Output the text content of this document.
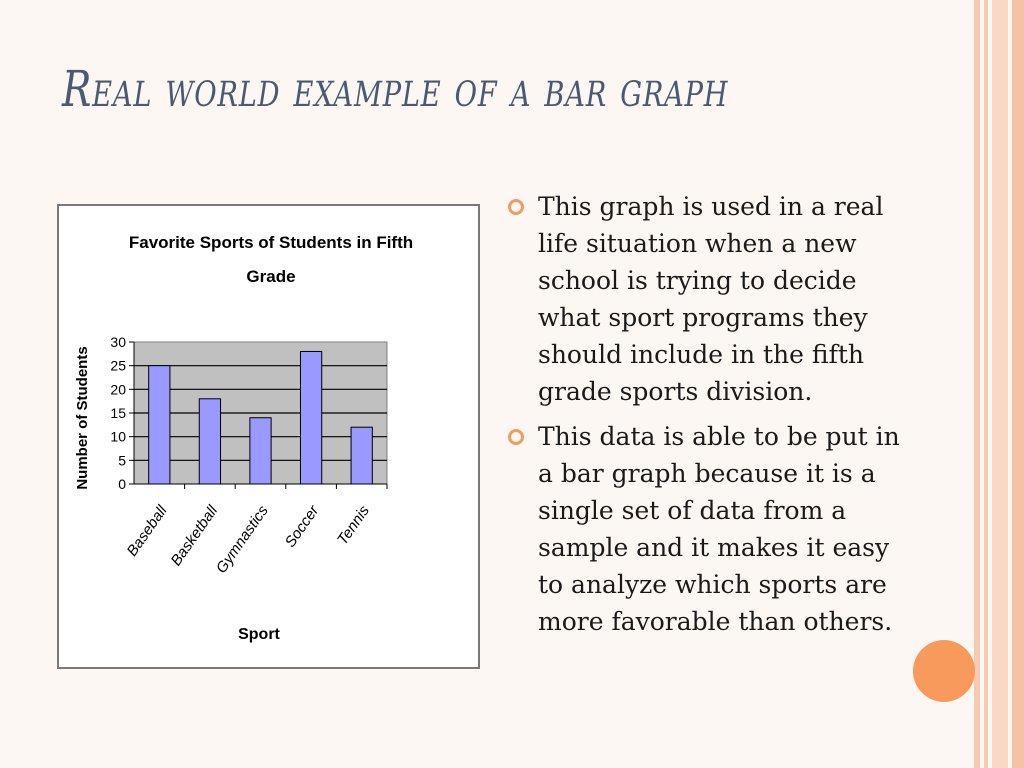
Real world example of a bar graph
Favorite Sports of Students in Fifth
Grade
0
5
10
15
20
25
30
Baseball
Basketball
Gymnastics Soccer Tennis
Number of Students
Sport
This graph is used in a real life situation when a new school is trying to decide what sport programs they should include in the fifth grade sports division.
This data is able to be put in a bar graph because it is a single set of data from a sample and it makes it easy to analyze which sports are more favorable than others.
